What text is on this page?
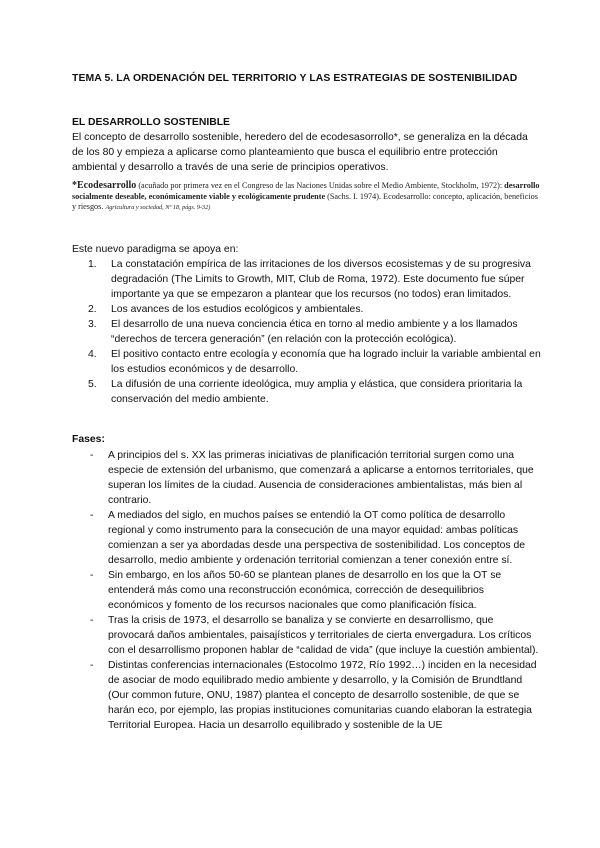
TEMA 5. LA ORDENACIÓN DEL TERRITORIO Y LAS ESTRATEGIAS DE SOSTENIBILIDAD
EL DESARROLLO SOSTENIBLE

El concepto de desarrollo sostenible, heredero del de ecodesasorrollo*, se generaliza en la década de los 80 y empieza a aplicarse como planteamiento que busca el equilibrio entre protección ambiental y desarrollo a través de una serie de principios operativos.

*Ecodesarrollo (acuñado por primera vez en el Congreso de las Naciones Unidas sobre el Medio Ambiente, Stockholm, 1972): desarrollo socialmente deseable, económicamente viable y ecológicamente prudente (Sachs. I. 1974). Ecodesarrollo: concepto, aplicación, beneficios y riesgos. Agricultura y sociedad, Nº 18, págs. 9-32)
Este nuevo paradigma se apoya en:
1. La constatación empírica de las irritaciones de los diversos ecosistemas y de su progresiva degradación (The Limits to Growth, MIT, Club de Roma, 1972). Este documento fue súper importante ya que se empezaron a plantear que los recursos (no todos) eran limitados.
2. Los avances de los estudios ecológicos y ambientales.
3. El desarrollo de una nueva conciencia ética en torno al medio ambiente y a los llamados “derechos de tercera generación” (en relación con la protección ecológica).
4. El positivo contacto entre ecología y economía que ha logrado incluir la variable ambiental en los estudios económicos y de desarrollo.
5. La difusión de una corriente ideológica, muy amplia y elástica, que considera prioritaria la conservación del medio ambiente.
Fases:
- A principios del s. XX las primeras iniciativas de planificación territorial surgen como una especie de extensión del urbanismo, que comenzará a aplicarse a entornos territoriales, que superan los límites de la ciudad. Ausencia de consideraciones ambientalistas, más bien al contrario.
- A mediados del siglo, en muchos países se entendió la OT como política de desarrollo regional y como instrumento para la consecución de una mayor equidad: ambas políticas comienzan a ser ya abordadas desde una perspectiva de sostenibilidad. Los conceptos de desarrollo, medio ambiente y ordenación territorial comienzan a tener conexión entre sí.
- Sin embargo, en los años 50-60 se plantean planes de desarrollo en los que la OT se entenderá más como una reconstrucción económica, corrección de desequilibrios económicos y fomento de los recursos nacionales que como planificación física.
- Tras la crisis de 1973, el desarrollo se banaliza y se convierte en desarrollismo, que provocará daños ambientales, paisajísticos y territoriales de cierta envergadura. Los críticos con el desarrollismo proponen hablar de “calidad de vida” (que incluye la cuestión ambiental).
- Distintas conferencias internacionales (Estocolmo 1972, Río 1992…) inciden en la necesidad de asociar de modo equilibrado medio ambiente y desarrollo, y la Comisión de Brundtland (Our common future, ONU, 1987) plantea el concepto de desarrollo sostenible, de que se harán eco, por ejemplo, las propias instituciones comunitarias cuando elaboran la estrategia Territorial Europea. Hacia un desarrollo equilibrado y sostenible de la UE
